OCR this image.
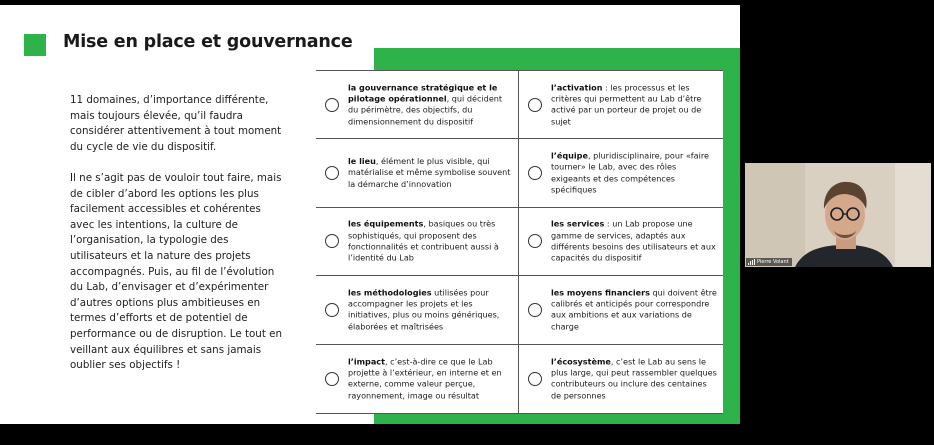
Mise en place et gouvernance

11 domaines, d’importance différente, mais toujours élevée, qu’il faudra considérer attentivement à tout moment du cycle de vie du dispositif.

Il ne s’agit pas de vouloir tout faire, mais de cibler d’abord les options les plus facilement accessibles et cohérentes avec les intentions, la culture de l’organisation, la typologie des utilisateurs et la nature des projets accompagnés. Puis, au fil de l’évolution du Lab, d’envisager et d’expérimenter d’autres options plus ambitieuses en termes d’efforts et de potentiel de performance ou de disruption. Le tout en veillant aux équilibres et sans jamais oublier ses objectifs !

la gouvernance stratégique et le pilotage opérationnel, qui décident du périmètre, des objectifs, du dimensionnement du dispositif
l’activation : les processus et les critères qui permettent au Lab d’être activé par un porteur de projet ou de sujet
le lieu, élément le plus visible, qui matérialise et même symbolise souvent la démarche d’innovation
l’équipe, pluridisciplinaire, pour «faire tourner» le Lab, avec des rôles exigeants et des compétences spécifiques
les équipements, basiques ou très sophistiqués, qui proposent des fonctionnalités et contribuent aussi à l’identité du Lab
les services : un Lab propose une gamme de services, adaptés aux différents besoins des utilisateurs et aux capacités du dispositif
les méthodologies utilisées pour accompagner les projets et les initiatives, plus ou moins génériques, élaborées et maîtrisées
les moyens financiers qui doivent être calibrés et anticipés pour correspondre aux ambitions et aux variations de charge
l’impact, c’est-à-dire ce que le Lab projette à l’extérieur, en interne et en externe, comme valeur perçue, rayonnement, image ou résultat
l’écosystème, c’est le Lab au sens le plus large, qui peut rassembler quelques contributeurs ou inclure des centaines de personnes
Pierre Volant
